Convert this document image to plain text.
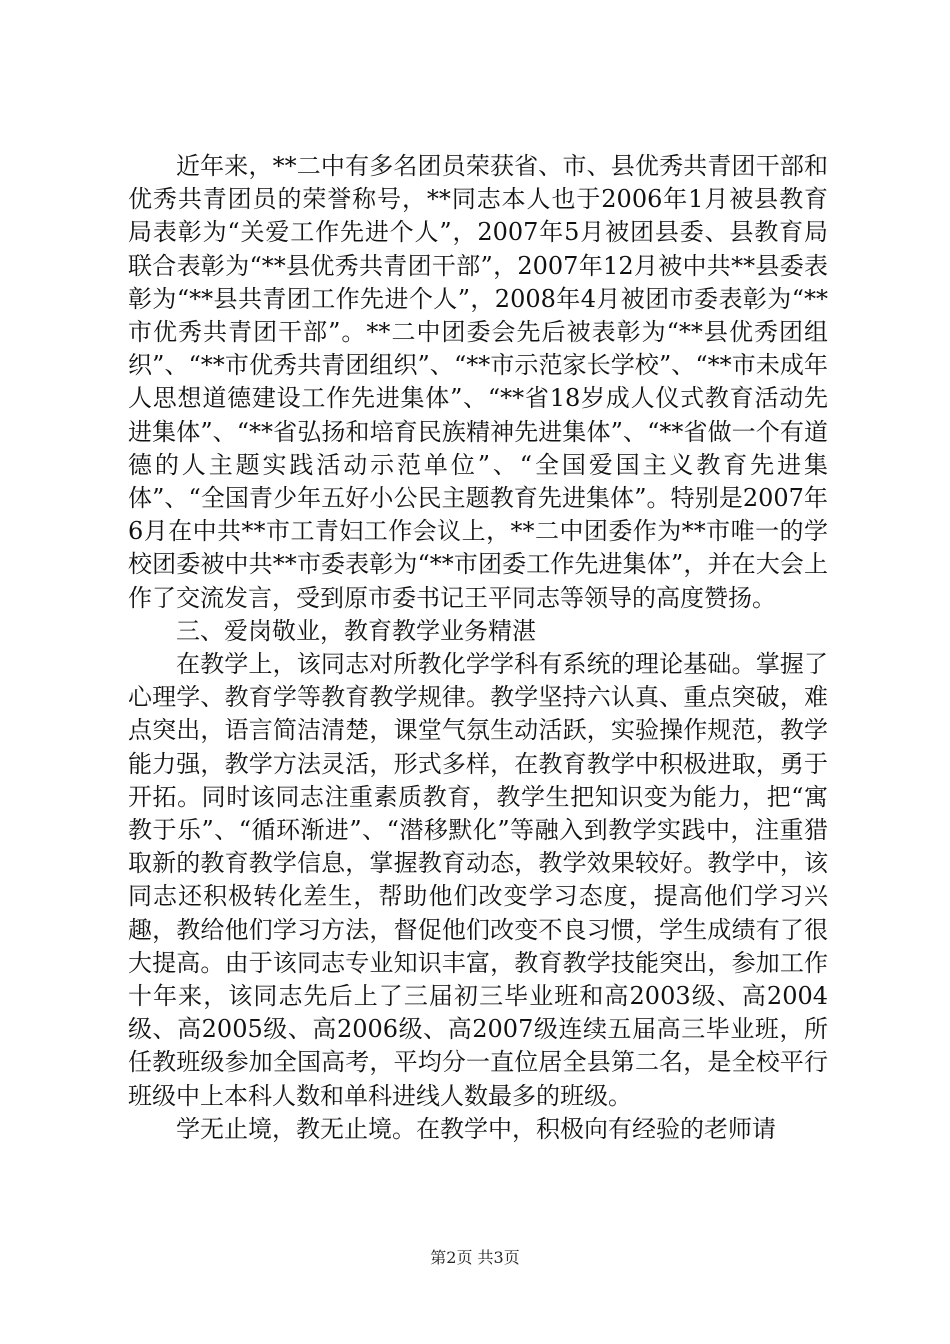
近年来，**二中有多名团员荣获省、市、县优秀共青团干部和优秀共青团员的荣誉称号，**同志本人也于2006年1月被县教育局表彰为“关爱工作先进个人”，2007年5月被团县委、县教育局联合表彰为“**县优秀共青团干部”，2007年12月被中共**县委表彰为“**县共青团工作先进个人”，2008年4月被团市委表彰为“**市优秀共青团干部”。**二中团委会先后被表彰为“**县优秀团组织”、“**市优秀共青团组织”、“**市示范家长学校”、“**市未成年人思想道德建设工作先进集体”、“**省18岁成人仪式教育活动先进集体”、“**省弘扬和培育民族精神先进集体”、“**省做一个有道德的人主题实践活动示范单位”、“全国爱国主义教育先进集体”、“全国青少年五好小公民主题教育先进集体”。特别是2007年6月在中共**市工青妇工作会议上，**二中团委作为**市唯一的学校团委被中共**市委表彰为“**市团委工作先进集体”，并在大会上作了交流发言，受到原市委书记王平同志等领导的高度赞扬。

三、爱岗敬业，教育教学业务精湛

在教学上，该同志对所教化学学科有系统的理论基础。掌握了心理学、教育学等教育教学规律。教学坚持六认真、重点突破，难点突出，语言简洁清楚，课堂气氛生动活跃，实验操作规范，教学能力强，教学方法灵活，形式多样，在教育教学中积极进取，勇于开拓。同时该同志注重素质教育，教学生把知识变为能力，把“寓教于乐”、“循环渐进”、“潜移默化”等融入到教学实践中，注重猎取新的教育教学信息，掌握教育动态，教学效果较好。教学中，该同志还积极转化差生，帮助他们改变学习态度，提高他们学习兴趣，教给他们学习方法，督促他们改变不良习惯，学生成绩有了很大提高。由于该同志专业知识丰富，教育教学技能突出，参加工作十年来，该同志先后上了三届初三毕业班和高2003级、高2004级、高2005级、高2006级、高2007级连续五届高三毕业班，所任教班级参加全国高考，平均分一直位居全县第二名，是全校平行班级中上本科人数和单科进线人数最多的班级。

学无止境，教无止境。在教学中，积极向有经验的老师请

第2页 共3页
